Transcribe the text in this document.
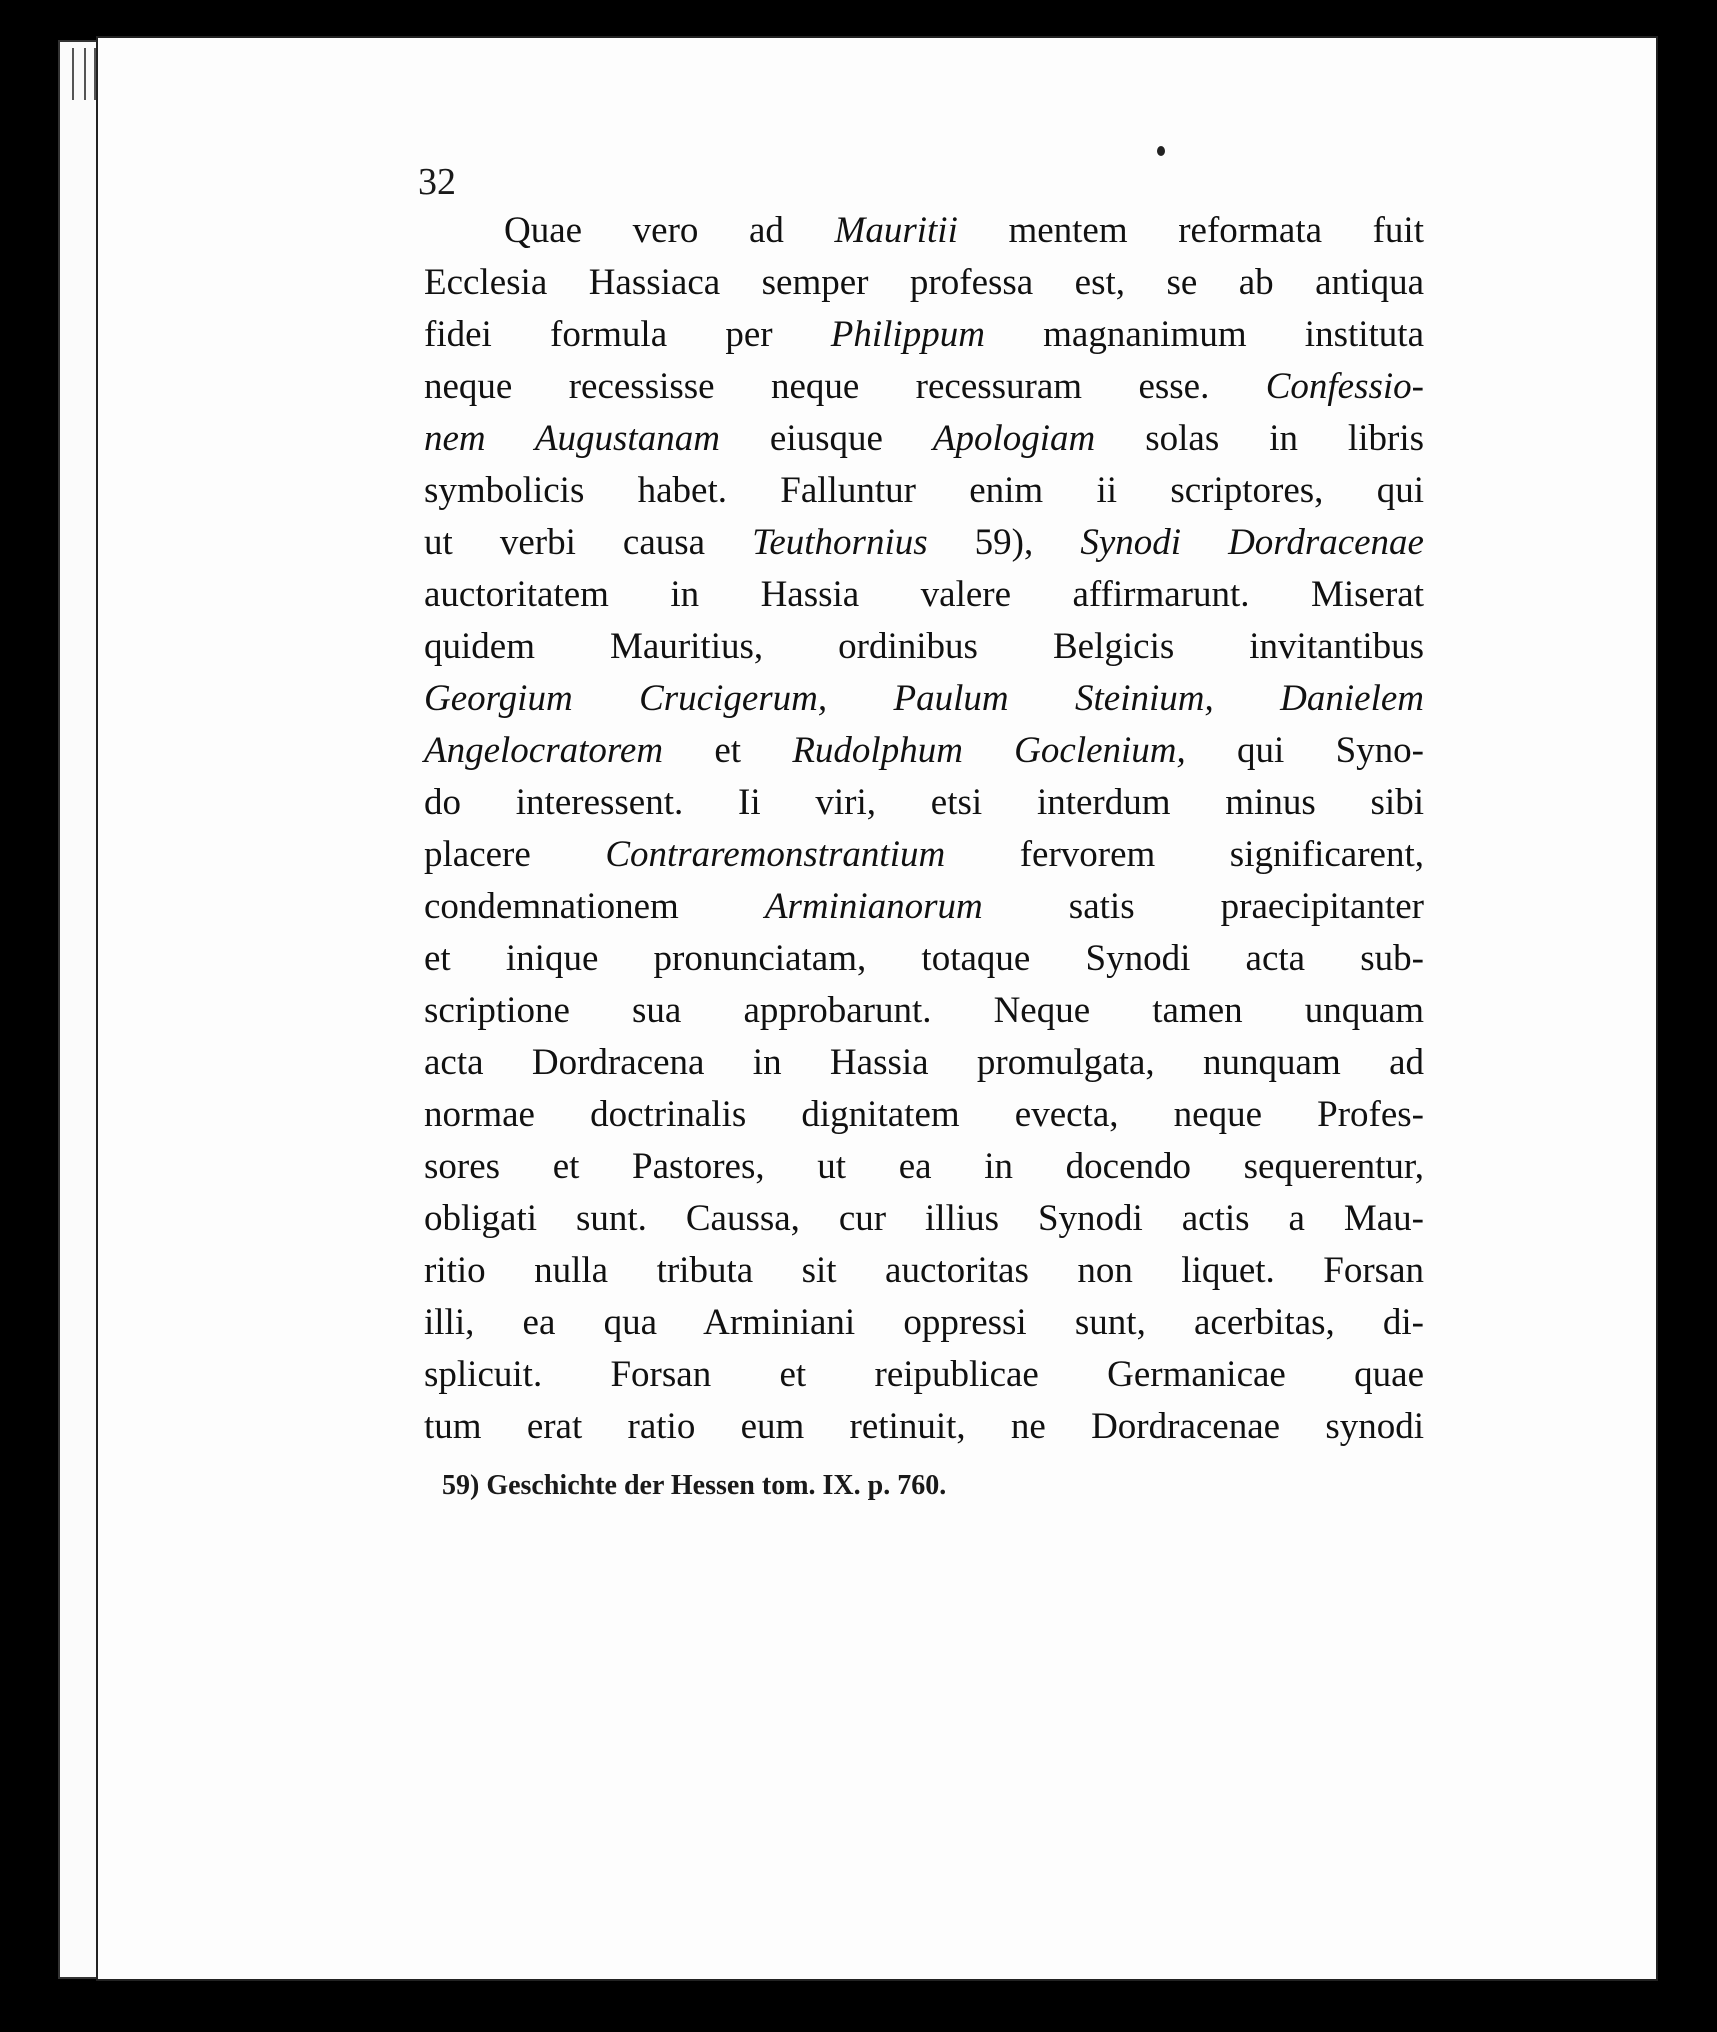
32
Quae vero ad Mauritii mentem reformata fuit
Ecclesia Hassiaca semper professa est, se ab antiqua
fidei formula per Philippum magnanimum instituta
neque recessisse neque recessuram esse. Confessio-
nem Augustanam eiusque Apologiam solas in libris
symbolicis habet. Falluntur enim ii scriptores, qui
ut verbi causa Teuthornius 59), Synodi Dordracenae
auctoritatem in Hassia valere affirmarunt. Miserat
quidem Mauritius, ordinibus Belgicis invitantibus
Georgium Crucigerum, Paulum Steinium, Danielem
Angelocratorem et Rudolphum Goclenium, qui Syno-
do interessent. Ii viri, etsi interdum minus sibi
placere Contraremonstrantium fervorem significarent,
condemnationem Arminianorum satis praecipitanter
et inique pronunciatam, totaque Synodi acta sub-
scriptione sua approbarunt. Neque tamen unquam
acta Dordracena in Hassia promulgata, nunquam ad
normae doctrinalis dignitatem evecta, neque Profes-
sores et Pastores, ut ea in docendo sequerentur,
obligati sunt. Caussa, cur illius Synodi actis a Mau-
ritio nulla tributa sit auctoritas non liquet. Forsan
illi, ea qua Arminiani oppressi sunt, acerbitas, di-
splicuit. Forsan et reipublicae Germanicae quae
tum erat ratio eum retinuit, ne Dordracenae synodi
59) Geschichte der Hessen tom. IX. p. 760.
